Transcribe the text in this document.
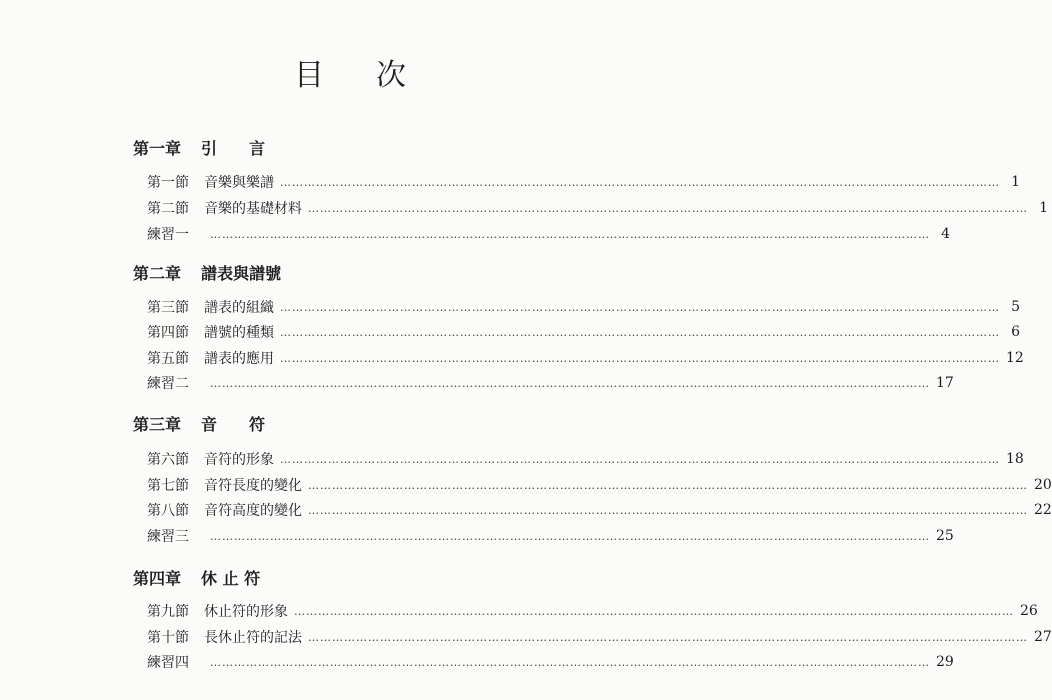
目 次
第一章 引　　言
第一節	音樂與樂譜 ……………………………………………………………………………………………………………………………………………………………… 1
第二節	音樂的基礎材料 ……………………………………………………………………………………………………………………………………………………………… 1
練習一	……………………………………………………………………………………………………………………………………………………………… 4
第二章 譜表與譜號
第三節	譜表的組織 ……………………………………………………………………………………………………………………………………………………………… 5
第四節	譜號的種類 ……………………………………………………………………………………………………………………………………………………………… 6
第五節	譜表的應用 ……………………………………………………………………………………………………………………………………………………………… 12
練習二	……………………………………………………………………………………………………………………………………………………………… 17
第三章 音　　符
第六節	音符的形象 ……………………………………………………………………………………………………………………………………………………………… 18
第七節	音符長度的變化 ……………………………………………………………………………………………………………………………………………………………… 20
第八節	音符高度的變化 ……………………………………………………………………………………………………………………………………………………………… 22
練習三	……………………………………………………………………………………………………………………………………………………………… 25
第四章 休 止 符
第九節	休止符的形象 ……………………………………………………………………………………………………………………………………………………………… 26
第十節	長休止符的記法 ……………………………………………………………………………………………………………………………………………………………… 27
練習四	……………………………………………………………………………………………………………………………………………………………… 29
